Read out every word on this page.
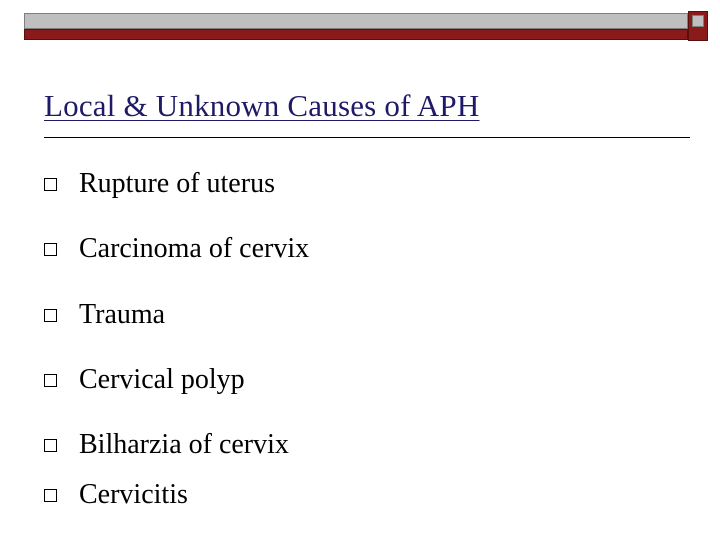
Local & Unknown Causes of APH
Rupture of uterus
Carcinoma of cervix
Trauma
Cervical polyp
Bilharzia of cervix
Cervicitis
